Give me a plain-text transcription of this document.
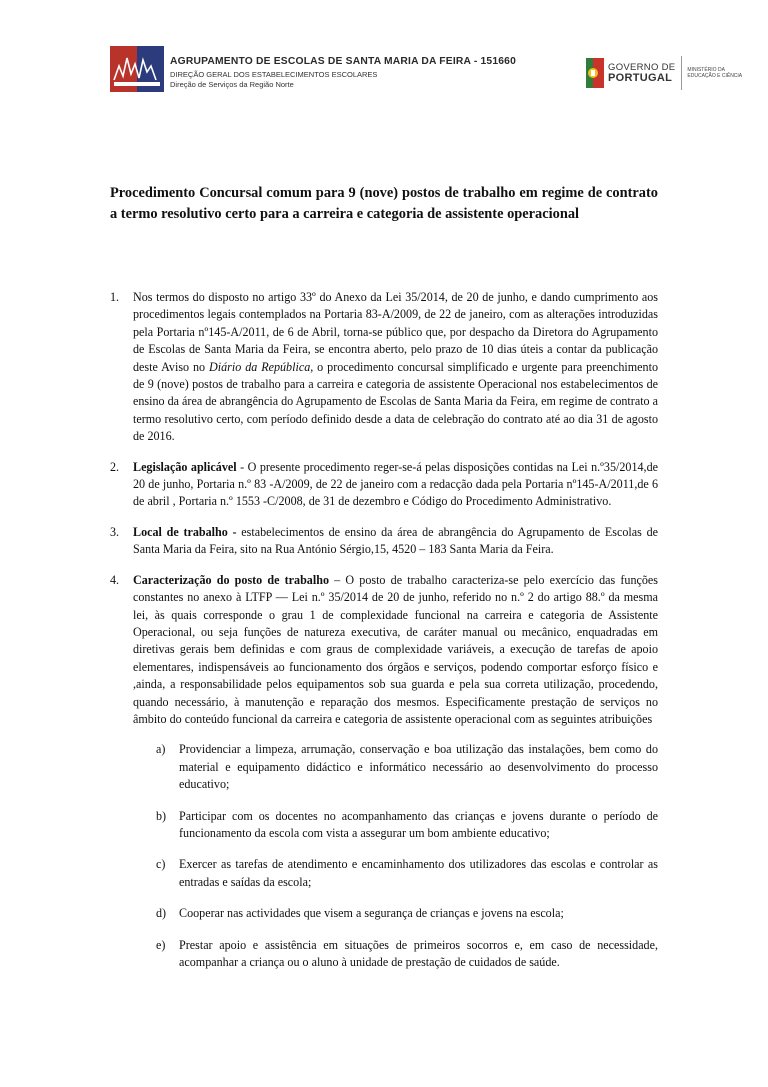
AGRUPAMENTO DE ESCOLAS DE SANTA MARIA DA FEIRA - 151660
DIREÇÃO GERAL DOS ESTABELECIMENTOS ESCOLARES
Direção de Serviços da Região Norte
GOVERNO DE
PORTUGAL
MINISTÉRIO DA EDUCAÇÃO E CIÊNCIA
Procedimento Concursal comum para 9 (nove) postos de trabalho em regime de contrato a termo resolutivo certo para a carreira e categoria de assistente operacional
1. Nos termos do disposto no artigo 33º do Anexo da Lei 35/2014, de 20 de junho, e dando cumprimento aos procedimentos legais contemplados na Portaria 83-A/2009, de 22 de janeiro, com as alterações introduzidas pela Portaria nº145-A/2011, de 6 de Abril, torna-se público que, por despacho da Diretora do Agrupamento de Escolas de Santa Maria da Feira, se encontra aberto, pelo prazo de 10 dias úteis a contar da publicação deste Aviso no Diário da República, o procedimento concursal simplificado e urgente para preenchimento de 9 (nove) postos de trabalho para a carreira e categoria de assistente Operacional nos estabelecimentos de ensino da área de abrangência do Agrupamento de Escolas de Santa Maria da Feira, em regime de contrato a termo resolutivo certo, com período definido desde a data de celebração do contrato até ao dia 31 de agosto de 2016.
2. Legislação aplicável - O presente procedimento reger-se-á pelas disposições contidas na Lei n.º35/2014,de 20 de junho, Portaria n.º 83 -A/2009, de 22 de janeiro com a redacção dada pela Portaria nº145-A/2011,de 6 de abril , Portaria n.º 1553 -C/2008, de 31 de dezembro e Código do Procedimento Administrativo.
3. Local de trabalho - estabelecimentos de ensino da área de abrangência do Agrupamento de Escolas de Santa Maria da Feira, sito na Rua António Sérgio,15, 4520 – 183 Santa Maria da Feira.
4. Caracterização do posto de trabalho – O posto de trabalho caracteriza-se pelo exercício das funções constantes no anexo à LTFP — Lei n.º 35/2014 de 20 de junho, referido no n.º 2 do artigo 88.º da mesma lei, às quais corresponde o grau 1 de complexidade funcional na carreira e categoria de Assistente Operacional, ou seja funções de natureza executiva, de caráter manual ou mecânico, enquadradas em diretivas gerais bem definidas e com graus de complexidade variáveis, a execução de tarefas de apoio elementares, indispensáveis ao funcionamento dos órgãos e serviços, podendo comportar esforço físico e ,ainda, a responsabilidade pelos equipamentos sob sua guarda e pela sua correta utilização, procedendo, quando necessário, à manutenção e reparação dos mesmos. Especificamente prestação de serviços no âmbito do conteúdo funcional da carreira e categoria de assistente operacional com as seguintes atribuições
a) Providenciar a limpeza, arrumação, conservação e boa utilização das instalações, bem como do material e equipamento didáctico e informático necessário ao desenvolvimento do processo educativo;
b) Participar com os docentes no acompanhamento das crianças e jovens durante o período de funcionamento da escola com vista a assegurar um bom ambiente educativo;
c) Exercer as tarefas de atendimento e encaminhamento dos utilizadores das escolas e controlar as entradas e saídas da escola;
d) Cooperar nas actividades que visem a segurança de crianças e jovens na escola;
e) Prestar apoio e assistência em situações de primeiros socorros e, em caso de necessidade, acompanhar a criança ou o aluno à unidade de prestação de cuidados de saúde.
